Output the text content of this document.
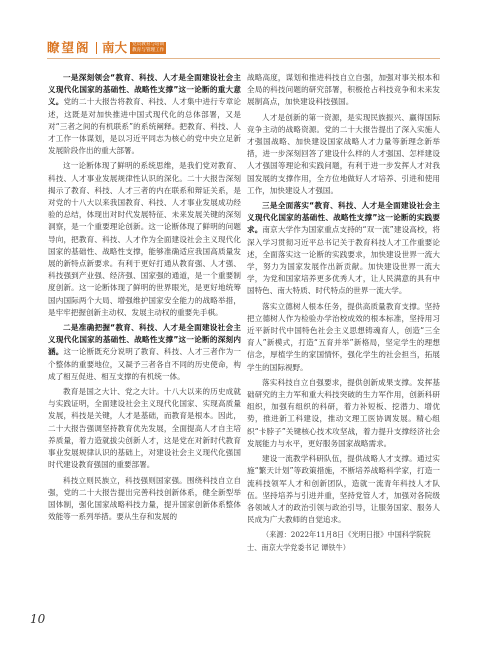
瞭望阁 南大 党员教育与培训
教育与管理工作

一是深刻领会“教育、科技、人才是全面建设社会主义现代化国家的基础性、战略性支撑”这一论断的重大意义。党的二十大报告将教育、科技、人才集中进行专章论述，这既是对加快推进中国式现代化的总体部署，又是对“三者之间的有机联系”的系统阐释。把教育、科技、人才工作一体谋划，是以习近平同志为核心的党中央立足新发展阶段作出的重大部署。

这一论断体现了鲜明的系统思维，是我们党对教育、科技、人才事业发展规律性认识的深化。二十大报告深刻揭示了教育、科技、人才三者的内在联系和辩证关系，是对党的十八大以来我国教育、科技、人才事业发展成功经验的总结，体现出对时代发展特征、未来发展关键的深刻洞察，是一个重要理论创新。这一论断体现了鲜明的问题导向，把教育、科技、人才作为全面建设社会主义现代化国家的基础性、战略性支撑，能够准确适应我国高质量发展的新特点新要求。有利于更好打通从教育强、人才强、科技强到产业强、经济强、国家强的通道，是一个重要制度创新。这一论断体现了鲜明的世界眼光，是更好地统筹国内国际两个大局、增强维护国家安全能力的战略举措，是牢牢把握创新主动权、发展主动权的重要先手棋。

二是准确把握“教育、科技、人才是全面建设社会主义现代化国家的基础性、战略性支撑”这一论断的深刻内涵。这一论断既充分说明了教育、科技、人才三者作为一个整体的重要地位，又凝予三者各自不同的历史使命，构成了相互促进、相互支撑的有机统一体。

教育是国之大计、党之大计。十八大以来的历史成就与实践证明，全面建设社会主义现代化国家、实现高质量发展，科技是关键，人才是基础，而教育是根本。因此，二十大报告强调坚持教育优先发展，全面提高人才自主培养质量，着力造就拔尖创新人才，这是党在对新时代教育事业发展规律认识的基础上，对建设社会主义现代化强国时代建设教育强国的重要部署。

科技立则民族立，科技强则国家强。围绕科技自立自强，党的二十大报告提出完善科技创新体系，健全新型举国体制，强化国家战略科技力量，提升国家创新体系整体效能等一系列举措。要从生存和发展的

战略高度，谋划和推进科技自立自强，加强对事关根本和全局的科技问题的研究部署，积极抢占科技竞争和未来发展制高点，加快建设科技强国。

人才是创新的第一资源，是实现民族振兴、赢得国际竞争主动的战略资源。党的二十大报告提出了深入实施人才强国战略、加快建设国家战略人才力量等新理念新举措，进一步深刻回答了建设什么样的人才强国、怎样建设人才强国等理论和实践问题，有利于进一步发挥人才对我国发展的支撑作用，全方位地做好人才培养、引进和使用工作，加快建设人才强国。

三是全面落实“教育、科技、人才是全面建设社会主义现代化国家的基础性、战略性支撑”这一论断的实践要求。南京大学作为国家重点支持的“双一流”建设高校，将深入学习贯彻习近平总书记关于教育科技人才工作重要论述，全面落实这一论断的实践要求，加快建设世界一流大学，努力为国家发展作出新贡献。加快建设世界一流大学，为党和国家培养更多优秀人才，让人民满意的具有中国特色、南大特质、时代特点的世界一流大学。

落实立德树人根本任务，提供高质量教育支撑。坚持把立德树人作为检验办学治校成效的根本标准，坚持用习近平新时代中国特色社会主义思想铸魂育人，创造“三全育人”新模式，打造“五育并举”新格局，坚定学生的理想信念，厚植学生的家国情怀，强化学生的社会担当，拓展学生的国际视野。

落实科技自立自强要求，提供创新成果支撑。发挥基础研究的主力军和重大科技突破的生力军作用，创新科研组织，加强有组织的科研，着力补短板、挖潜力、增优势，推进新工科建设，推动文理工医协调发展。精心组织“卡脖子”关键核心技术攻坚战，着力提升支撑经济社会发展能力与水平，更好服务国家战略需求。

建设一流教学科研队伍，提供战略人才支撑。通过实施“繁天计划”等政策措施，不断培养战略科学家，打造一流科技领军人才和创新团队，造就一流青年科技人才队伍。坚持培养与引进并重，坚持党管人才，加强对各院级各领域人才的政治引领与政治引导，让服务国家、服务人民成为广大教师的自觉追求。

（来源：2022年11月8日《光明日报》中国科学院院士、南京大学党委书记 谭铁牛）

10
